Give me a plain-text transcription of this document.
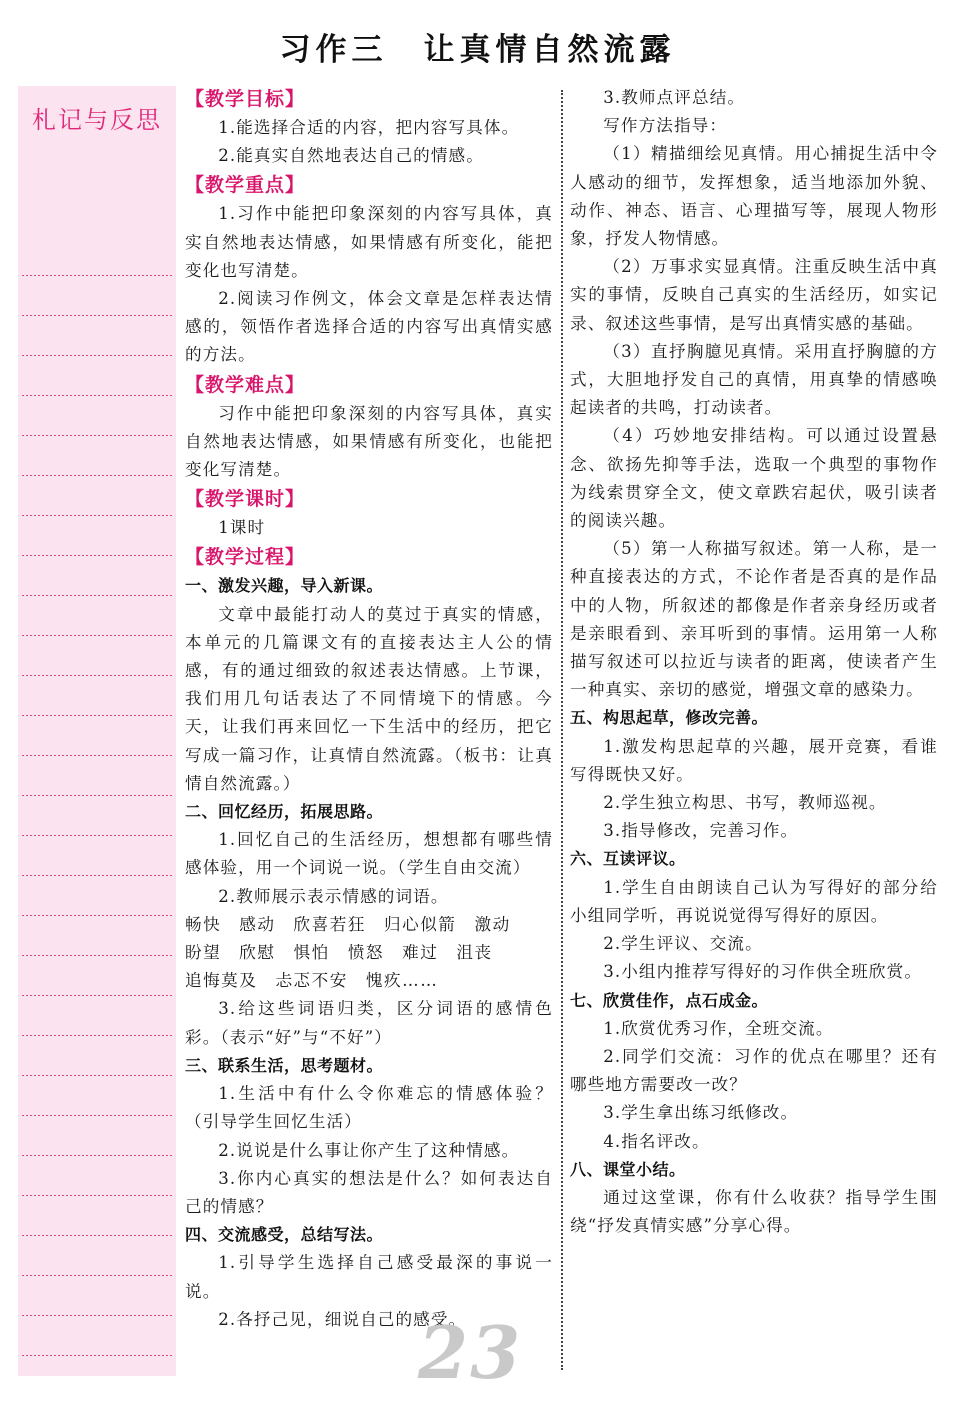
习作三　让真情自然流露
札记与反思

【教学目标】

1.能选择合适的内容，把内容写具体。

2.能真实自然地表达自己的情感。

【教学重点】

1.习作中能把印象深刻的内容写具体，真实自然地表达情感，如果情感有所变化，能把变化也写清楚。

2.阅读习作例文，体会文章是怎样表达情感的，领悟作者选择合适的内容写出真情实感的方法。

【教学难点】

习作中能把印象深刻的内容写具体，真实自然地表达情感，如果情感有所变化，也能把变化写清楚。

【教学课时】

1课时

【教学过程】

一、激发兴趣，导入新课。

文章中最能打动人的莫过于真实的情感，本单元的几篇课文有的直接表达主人公的情感，有的通过细致的叙述表达情感。上节课，我们用几句话表达了不同情境下的情感。今天，让我们再来回忆一下生活中的经历，把它写成一篇习作，让真情自然流露。（板书：让真情自然流露。）

二、回忆经历，拓展思路。

1.回忆自己的生活经历，想想都有哪些情感体验，用一个词说一说。（学生自由交流）

2.教师展示表示情感的词语。

畅快　感动　欣喜若狂　归心似箭　激动

盼望　欣慰　惧怕　愤怒　难过　沮丧

追悔莫及　忐忑不安　愧疚……

3.给这些词语归类，区分词语的感情色彩。（表示“好”与“不好”）

三、联系生活，思考题材。

1.生活中有什么令你难忘的情感体验？（引导学生回忆生活）

2.说说是什么事让你产生了这种情感。

3.你内心真实的想法是什么？如何表达自己的情感？

四、交流感受，总结写法。

1.引导学生选择自己感受最深的事说一说。

2.各抒己见，细说自己的感受。

3.教师点评总结。

写作方法指导：

（1）精描细绘见真情。用心捕捉生活中令人感动的细节，发挥想象，适当地添加外貌、动作、神态、语言、心理描写等，展现人物形象，抒发人物情感。

（2）万事求实显真情。注重反映生活中真实的事情，反映自己真实的生活经历，如实记录、叙述这些事情，是写出真情实感的基础。

（3）直抒胸臆见真情。采用直抒胸臆的方式，大胆地抒发自己的真情，用真挚的情感唤起读者的共鸣，打动读者。

（4）巧妙地安排结构。可以通过设置悬念、欲扬先抑等手法，选取一个典型的事物作为线索贯穿全文，使文章跌宕起伏，吸引读者的阅读兴趣。

（5）第一人称描写叙述。第一人称，是一种直接表达的方式，不论作者是否真的是作品中的人物，所叙述的都像是作者亲身经历或者是亲眼看到、亲耳听到的事情。运用第一人称描写叙述可以拉近与读者的距离，使读者产生一种真实、亲切的感觉，增强文章的感染力。

五、构思起草，修改完善。

1.激发构思起草的兴趣，展开竞赛，看谁写得既快又好。

2.学生独立构思、书写，教师巡视。

3.指导修改，完善习作。

六、互读评议。

1.学生自由朗读自己认为写得好的部分给小组同学听，再说说觉得写得好的原因。

2.学生评议、交流。

3.小组内推荐写得好的习作供全班欣赏。

七、欣赏佳作，点石成金。

1.欣赏优秀习作，全班交流。

2.同学们交流：习作的优点在哪里？还有哪些地方需要改一改？

3.学生拿出练习纸修改。

4.指名评改。

八、课堂小结。

通过这堂课，你有什么收获？指导学生围绕“抒发真情实感”分享心得。

23
